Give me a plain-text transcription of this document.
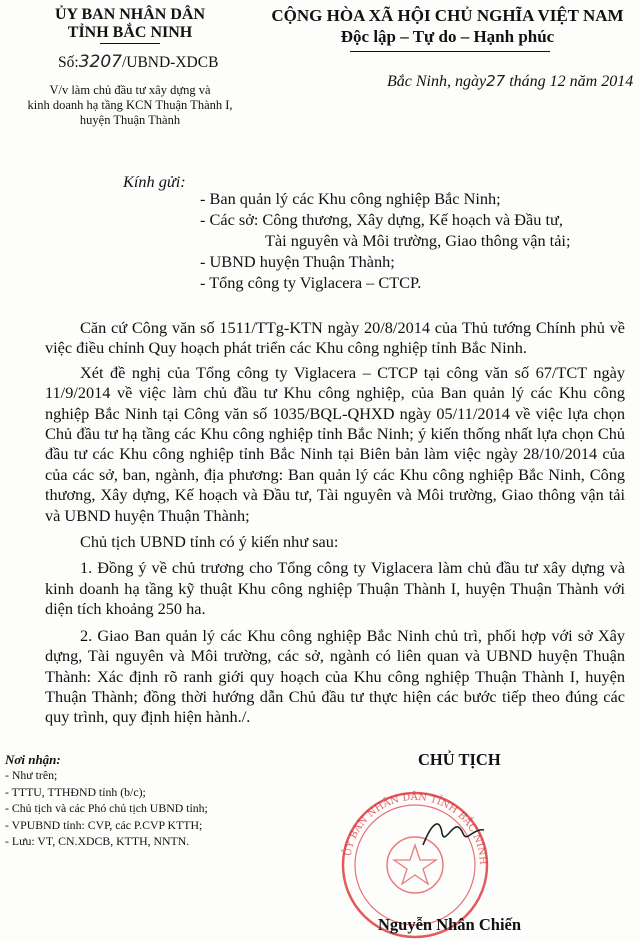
ỦY BAN NHÂN DÂN
TỈNH BẮC NINH
Số:3207/UBND-XDCB
V/v làm chủ đầu tư xây dựng và
kinh doanh hạ tầng KCN Thuận Thành I,
huyện Thuận Thành
CỘNG HÒA XÃ HỘI CHỦ NGHĨA VIỆT NAM
Độc lập – Tự do – Hạnh phúc
Bắc Ninh, ngày27 tháng 12 năm 2014
Kính gửi:
- Ban quản lý các Khu công nghiệp Bắc Ninh;
- Các sở: Công thương, Xây dựng, Kế hoạch và Đầu tư,
Tài nguyên và Môi trường, Giao thông vận tải;
- UBND huyện Thuận Thành;
- Tổng công ty Viglacera – CTCP.

Căn cứ Công văn số 1511/TTg-KTN ngày 20/8/2014 của Thủ tướng Chính phủ về việc điều chỉnh Quy hoạch phát triển các Khu công nghiệp tỉnh Bắc Ninh.

Xét đề nghị của Tổng công ty Viglacera – CTCP tại công văn số 67/TCT ngày 11/9/2014 về việc làm chủ đầu tư Khu công nghiệp, của Ban quản lý các Khu công nghiệp Bắc Ninh tại Công văn số 1035/BQL-QHXD ngày 05/11/2014 về việc lựa chọn Chủ đầu tư hạ tầng các Khu công nghiệp tỉnh Bắc Ninh; ý kiến thống nhất lựa chọn Chủ đầu tư các Khu công nghiệp tỉnh Bắc Ninh tại Biên bản làm việc ngày 28/10/2014 của của các sở, ban, ngành, địa phương: Ban quản lý các Khu công nghiệp Bắc Ninh, Công thương, Xây dựng, Kế hoạch và Đầu tư, Tài nguyên và Môi trường, Giao thông vận tải và UBND huyện Thuận Thành;

Chủ tịch UBND tỉnh có ý kiến như sau:

1. Đồng ý về chủ trương cho Tổng công ty Viglacera làm chủ đầu tư xây dựng và kinh doanh hạ tầng kỹ thuật Khu công nghiệp Thuận Thành I, huyện Thuận Thành với diện tích khoảng 250 ha.

2. Giao Ban quản lý các Khu công nghiệp Bắc Ninh chủ trì, phối hợp với sở Xây dựng, Tài nguyên và Môi trường, các sở, ngành có liên quan và UBND huyện Thuận Thành: Xác định rõ ranh giới quy hoạch của Khu công nghiệp Thuận Thành I, huyện Thuận Thành; đồng thời hướng dẫn Chủ đầu tư thực hiện các bước tiếp theo đúng các quy trình, quy định hiện hành./.

Nơi nhận:
- Như trên;
- TTTU, TTHĐND tỉnh (b/c);
- Chủ tịch và các Phó chủ tịch UBND tỉnh;
- VPUBND tỉnh: CVP, các P.CVP KTTH;
- Lưu: VT, CN.XDCB, KTTH, NNTN.
CHỦ TỊCH
ỦY BAN NHÂN DÂN TỈNH BẮC NINH
Nguyễn Nhân Chiến
